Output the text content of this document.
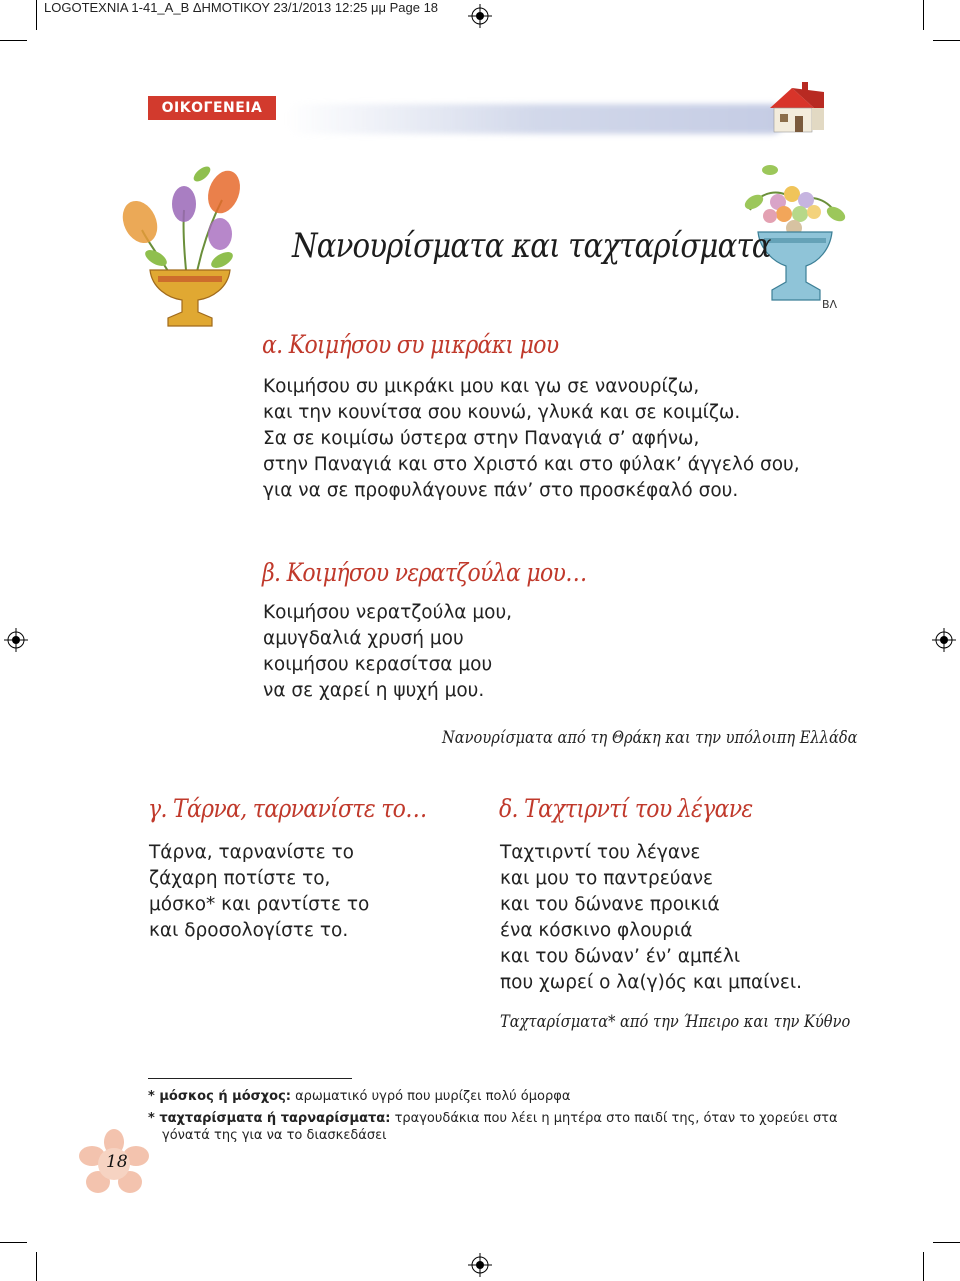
LOGOTEXNIA 1-41_A_B ΔΗΜΟΤΙΚΟΥ 23/1/2013 12:25 μμ Page 18
ΟΙΚΟΓΕΝΕΙΑ
ΒΛ
Νανουρίσματα και ταχταρίσματα
α. Κοιμήσου συ μικράκι μου
Κοιμήσου συ μικράκι μου και γω σε νανουρίζω,
και την κουνίτσα σου κουνώ, γλυκά και σε κοιμίζω.
Σα σε κοιμίσω ύστερα στην Παναγιά σ’ αφήνω,
στην Παναγιά και στο Χριστό και στο φύλακ’ άγγελό σου,
για να σε προφυλάγουνε πάν’ στο προσκέφαλό σου.
β. Κοιμήσου νερατζούλα μου…
Κοιμήσου νερατζούλα μου,
αμυγδαλιά χρυσή μου
κοιμήσου κερασίτσα μου
να σε χαρεί η ψυχή μου.
Νανουρίσματα από τη Θράκη και την υπόλοιπη Ελλάδα
γ. Τάρνα, ταρνανίστε το…
Τάρνα, ταρνανίστε το
ζάχαρη ποτίστε το,
μόσκο* και ραντίστε το
και δροσολογίστε το.
δ. Ταχτιρντί του λέγανε
Ταχτιρντί του λέγανε
και μου το παντρεύανε
και του δώνανε προικιά
ένα κόσκινο φλουριά
και του δώναν’ έν’ αμπέλι
που χωρεί ο λα(γ)ός και μπαίνει.
Ταχταρίσματα* από την Ήπειρο και την Κύθνο
* μόσκος ή μόσχος: αρωματικό υγρό που μυρίζει πολύ όμορφα
* ταχταρίσματα ή ταρναρίσματα: τραγουδάκια που λέει η μητέρα στο παιδί της, όταν το χορεύει στα γόνατά της για να το διασκεδάσει
18
